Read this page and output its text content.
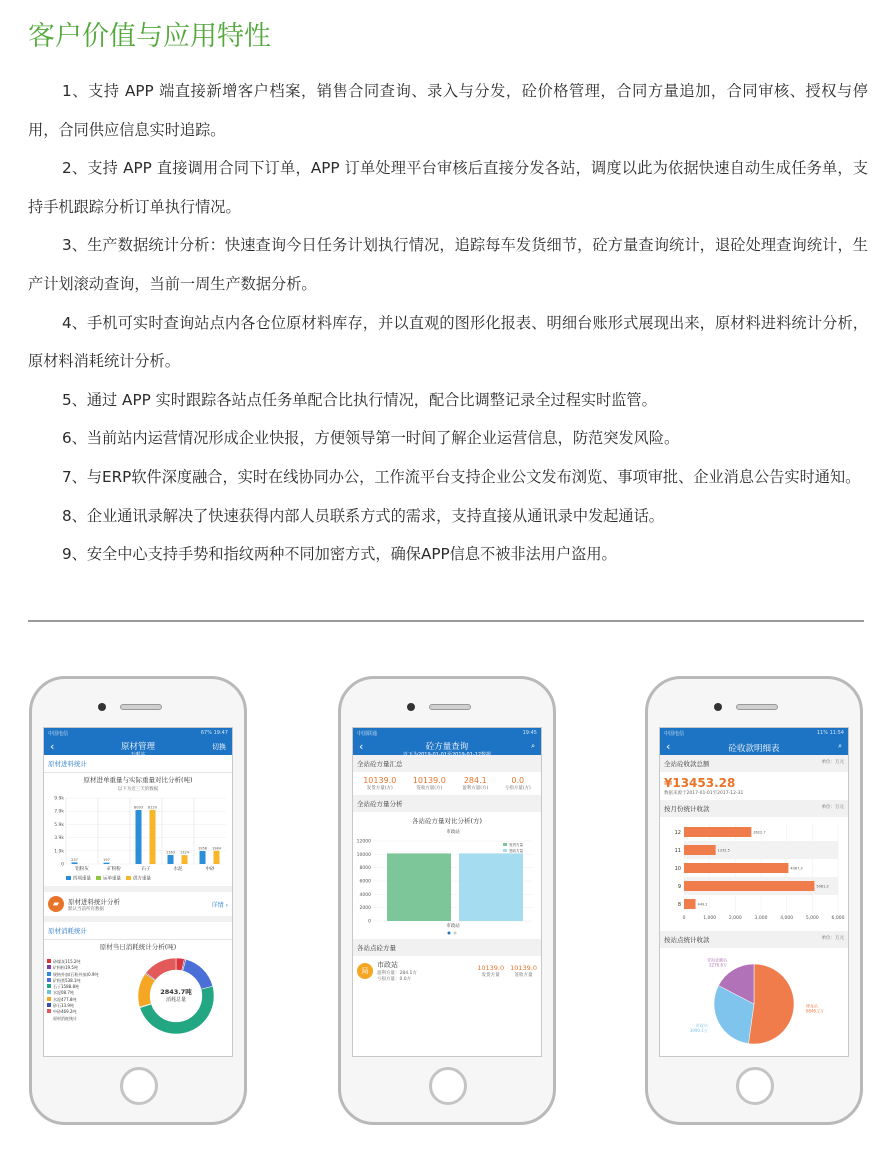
客户价值与应用特性

1、支持 APP 端直接新增客户档案，销售合同查询、录入与分发，砼价格管理，合同方量追加，合同审核、授权与停用，合同供应信息实时追踪。

2、支持 APP 直接调用合同下订单，APP 订单处理平台审核后直接分发各站，调度以此为依据快速自动生成任务单，支持手机跟踪分析订单执行情况。

3、生产数据统计分析：快速查询今日任务计划执行情况，追踪每车发货细节，砼方量查询统计，退砼处理查询统计，生产计划滚动查询，当前一周生产数据分析。

4、手机可实时查询站点内各仓位原材料库存，并以直观的图形化报表、明细台账形式展现出来，原材料进料统计分析，原材料消耗统计分析。

5、通过 APP 实时跟踪各站点任务单配合比执行情况，配合比调整记录全过程实时监管。

6、当前站内运营情况形成企业快报，方便领导第一时间了解企业运营信息，防范突发风险。

7、与ERP软件深度融合，实时在线协同办公，工作流平台支持企业公文发布浏览、事项审批、企业消息公告实时通知。

8、企业通讯录解决了快速获得内部人员联系方式的需求，支持直接从通讯录中发起通话。

9、安全中心支持手势和指纹两种不同加密方式，确保APP信息不被非法用户盗用。

中国电信	67% 19:47
‹	原材管理
五眼站
切换
原材进料统计
原材进单重量与实际重量对比分析(吨)
以下为近三天的数据
0
1.9k
3.9k
5.9k
7.9k
9.9k
237
铝粉灰
197
矿粉粉
8093 8120
石子
1363 1324
水泥
1958 1984
中砂
四项重量	运单重量	供方重量
▰	原材进料统计分析
默认当前所有数据
详情 ›
原材消耗统计
原材当日消耗统计分析(吨)
砂煤灰115.2吨
矿粉粉19.5吨
规格外加(石粉外加)0.9吨
矿粉类538.1吨
石子1588.8吨
水泥08.7吨
水泥477.8吨
砂石13.9吨
中砂469.2吨
原材消耗统计
2843.7吨
消耗总量
中国联通	19:45
‹	砼方量查询
以下为2019-01-01至2019-01-12数据
⌕
全站砼方量汇总
10139.0
发货方量(方)
10139.0
签收方量(方)
284.1
盈利方量(方)
0.0
亏损方量(方)
全站砼方量分析
各站砼方量对比分析(方)
市政站
0
2000
4000
6000
8000
10000
12000
发货方量
签收方量
市政站
各站点砼方量
局
市政站
盈利方量：284.1方
亏损方量：0.0方
10139.0
发货方量
10139.0
签收方量
中国电信	11% 11:54
‹	砼收款明细表	⌕
全站砼收款总额	单位：万元
¥13453.28
数据来源于2017-01-01至2017-12-31
按月份统计收款	单位：万元
0	1,000	2,000	3,000	4,000	5,000	6,000
2622.7
12
1232.5
11
4067.3
10
5081.3
9
449.2
8
按站点统计收款	单位：万元
博龙站
6846.2万
市政站
3990.1万
青海金鹏站
2276.6万
